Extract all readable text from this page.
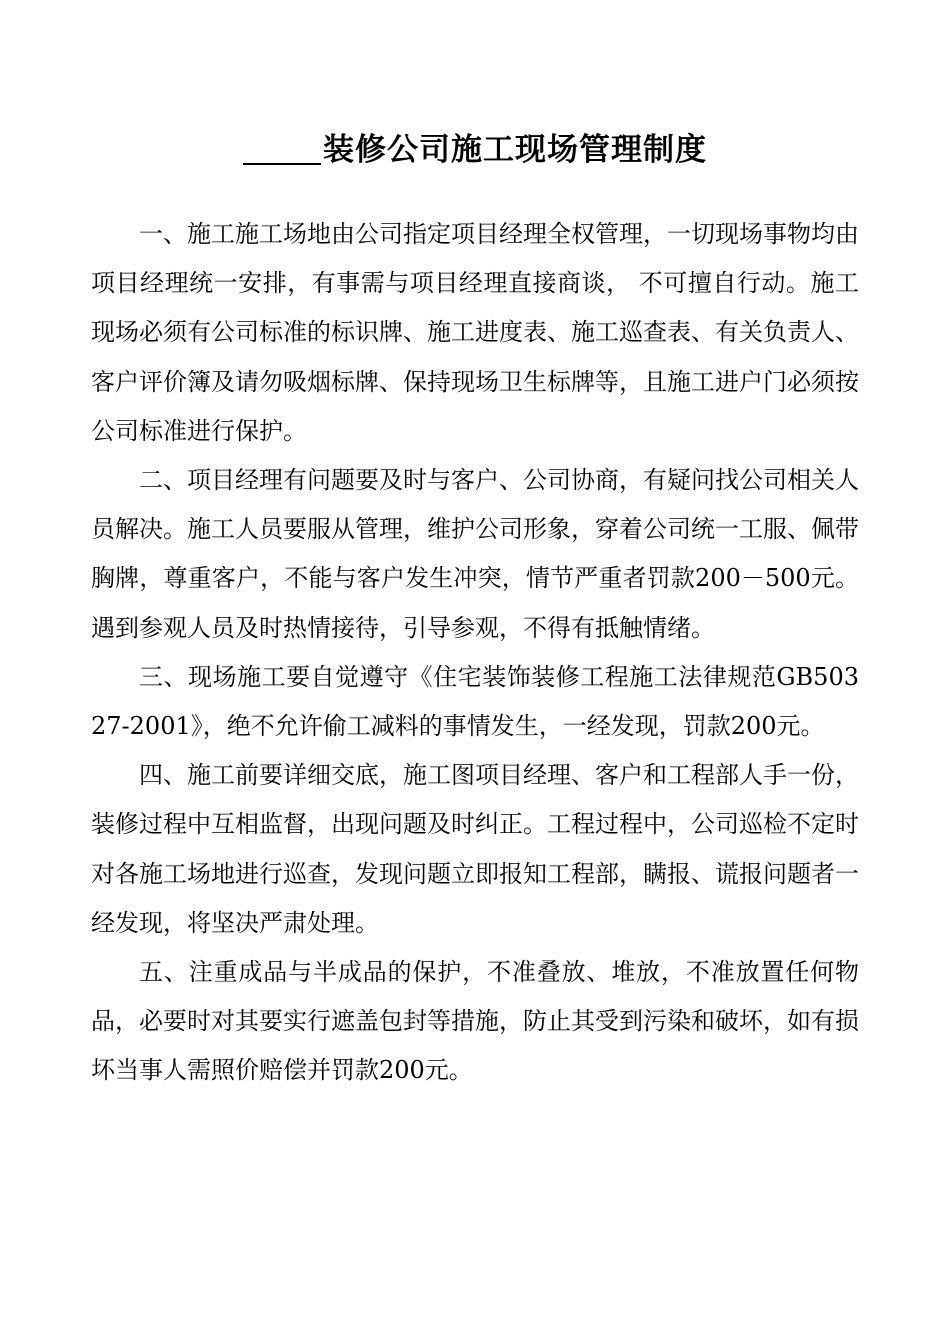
装修公司施工现场管理制度

一、施工施工场地由公司指定项目经理全权管理，一切现场事物均由项目经理统一安排，有事需与项目经理直接商谈， 不可擅自行动。施工现场必须有公司标准的标识牌、施工进度表、施工巡查表、有关负责人、客户评价簿及请勿吸烟标牌、保持现场卫生标牌等，且施工进户门必须按公司标准进行保护。

二、项目经理有问题要及时与客户、公司协商，有疑问找公司相关人员解决。施工人员要服从管理，维护公司形象，穿着公司统一工服、佩带胸牌，尊重客户，不能与客户发生冲突，情节严重者罚款200－500元。遇到参观人员及时热情接待，引导参观，不得有抵触情绪。

三、现场施工要自觉遵守《住宅装饰装修工程施工法律规范GB50327-2001》，绝不允许偷工减料的事情发生，一经发现，罚款200元。

四、施工前要详细交底，施工图项目经理、客户和工程部人手一份，装修过程中互相监督，出现问题及时纠正。工程过程中，公司巡检不定时对各施工场地进行巡查，发现问题立即报知工程部，瞒报、谎报问题者一经发现，将坚决严肃处理。

五、注重成品与半成品的保护，不准叠放、堆放，不准放置任何物品，必要时对其要实行遮盖包封等措施，防止其受到污染和破坏，如有损坏当事人需照价赔偿并罚款200元。
